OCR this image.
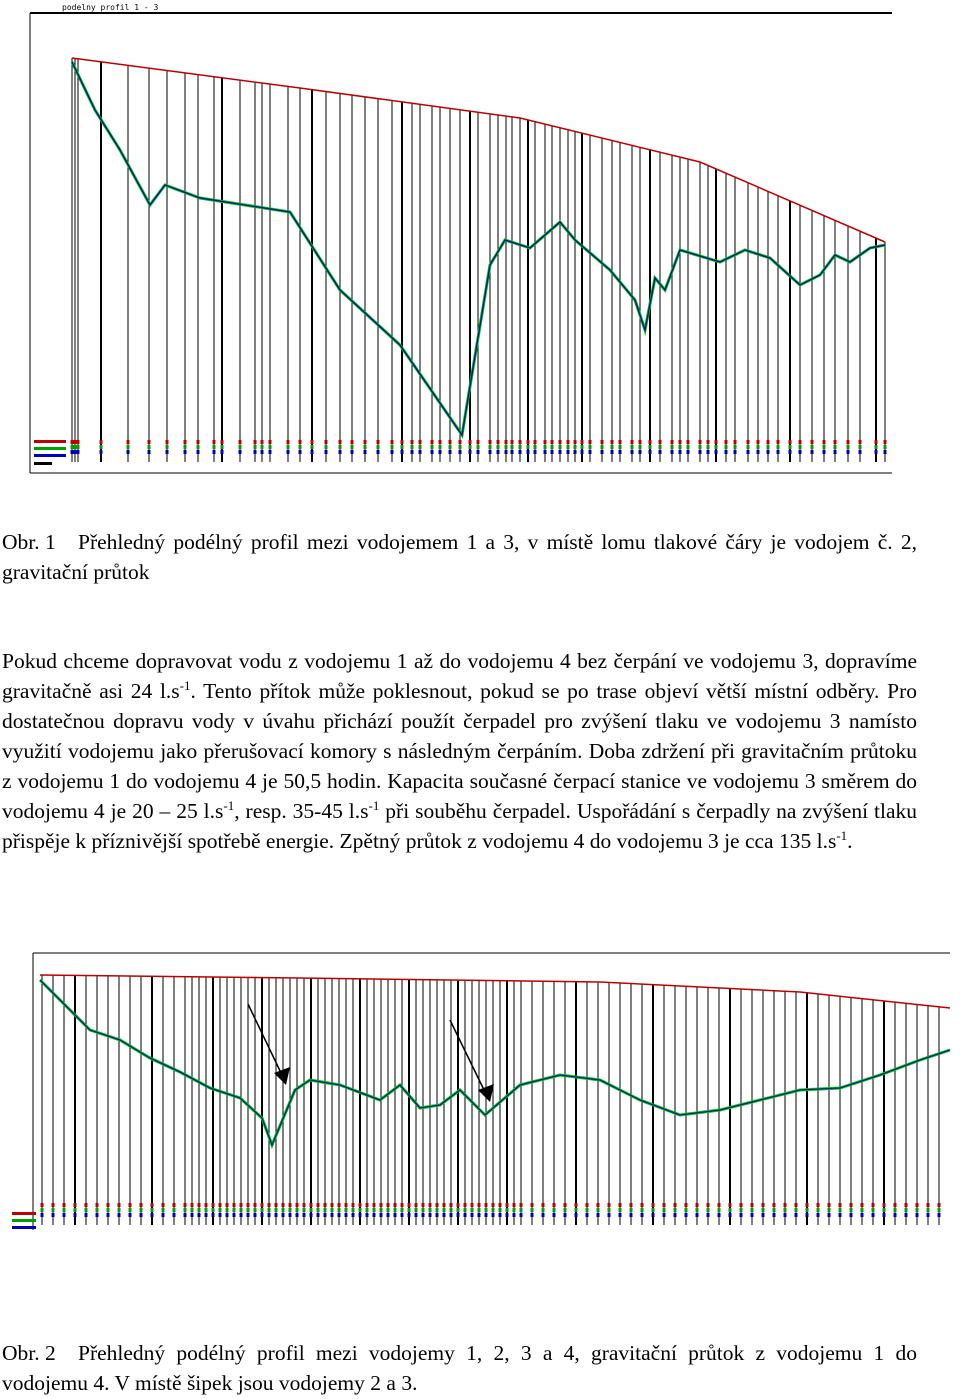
podelny profil 1 - 3

Obr. 1 Přehledný podélný profil mezi vodojemem 1 a 3, v místě lomu tlakové čáry je vodojem č. 2, gravitační průtok

Pokud chceme dopravovat vodu z vodojemu 1 až do vodojemu 4 bez čerpání ve vodojemu 3, dopravíme gravitačně asi 24 $l.s^{-1}$. Tento přítok může poklesnout, pokud se po trase objeví větší místní odběry. Pro dostatečnou dopravu vody v úvahu přichází použít čerpadel pro zvýšení tlaku ve vodojemu 3 namísto využití vodojemu jako přerušovací komory s následným čerpáním. Doba zdržení při gravitačním průtoku z vodojemu 1 do vodojemu 4 je 50,5 hodin. Kapacita současné čerpací stanice ve vodojemu 3 směrem do vodojemu 4 je 20 – 25 $l.s^{-1}$, resp. 35-45 $l.s^{-1}$ při souběhu čerpadel. Uspořádání s čerpadly na zvýšení tlaku přispěje k příznivější spotřebě energie. Zpětný průtok z vodojemu 4 do vodojemu 3 je cca 135 $l.s^{-1}$.

Obr. 2 Přehledný podélný profil mezi vodojemy 1, 2, 3 a 4, gravitační průtok z vodojemu 1 do vodojemu 4. V místě šipek jsou vodojemy 2 a 3.
